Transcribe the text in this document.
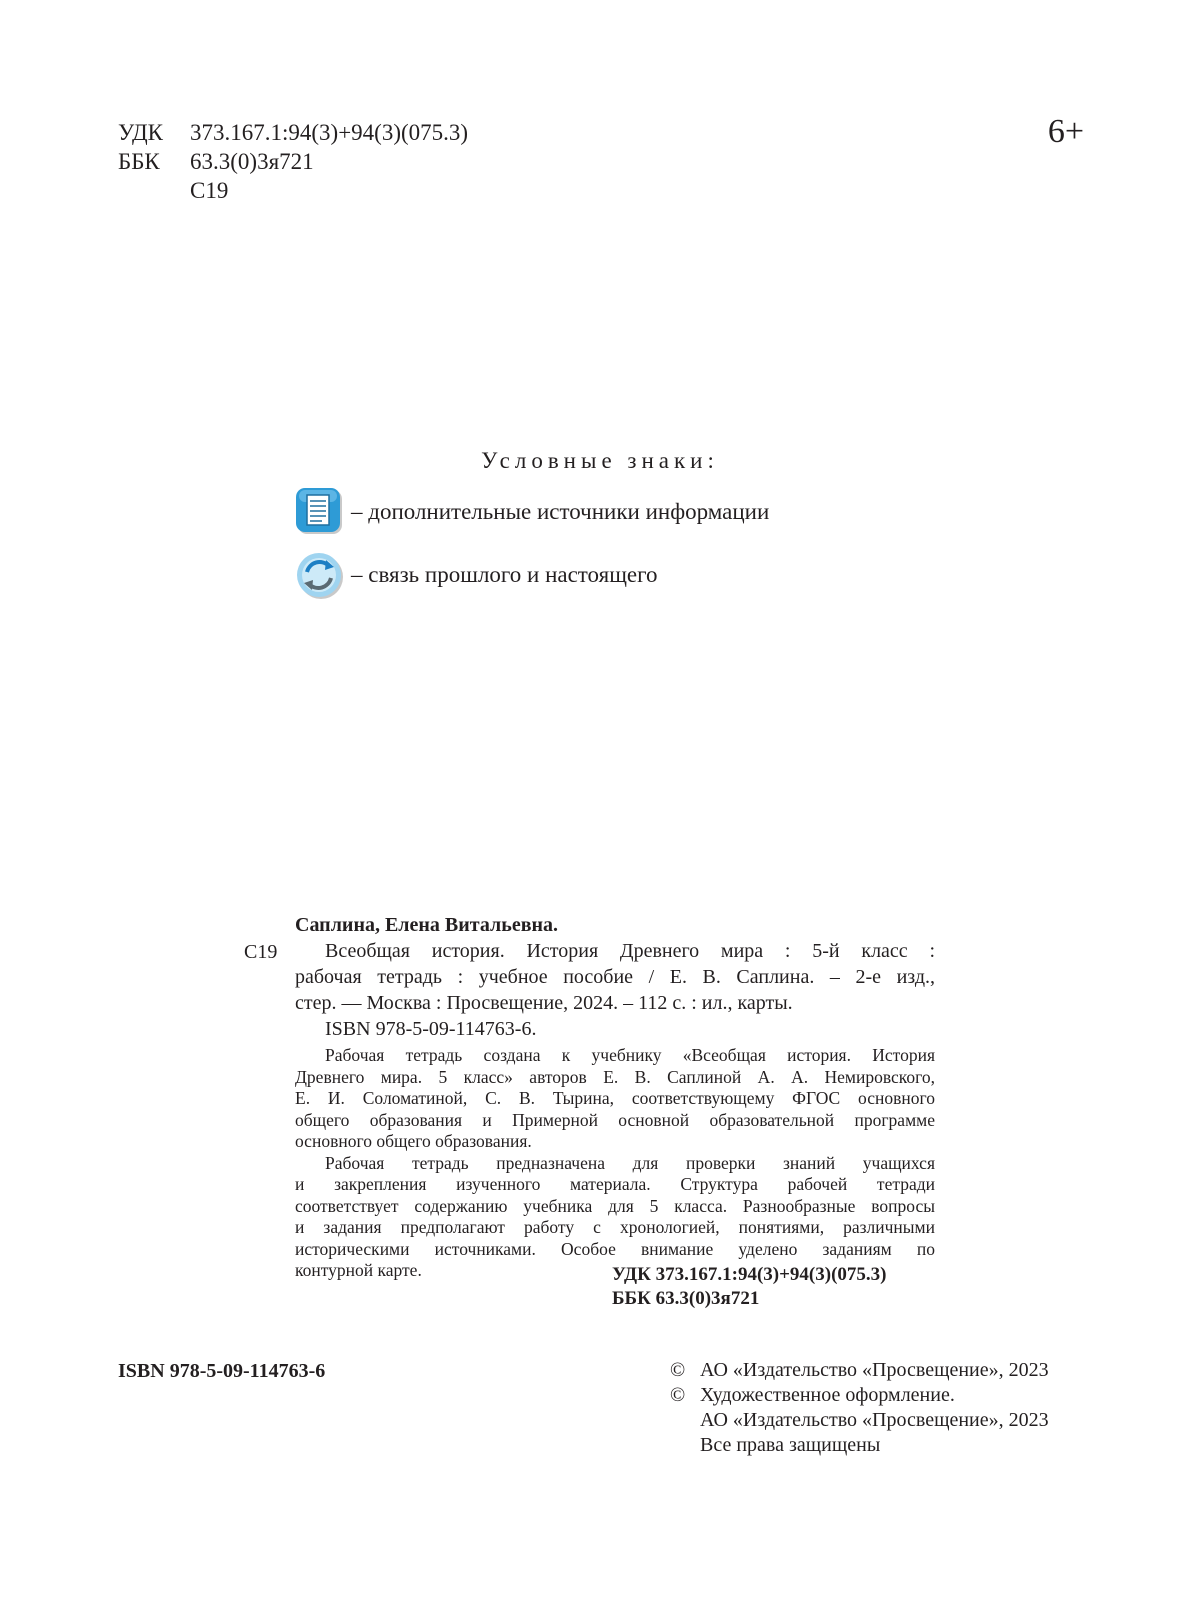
УДК	373.167.1:94(3)+94(3)(075.3)
ББК	63.3(0)3я721
С19
6+
Условные знаки:
– дополнительные источники информации
– связь прошлого и настоящего
С19
Саплина, Елена Витальевна.
Всеобщая история. История Древнего мира : 5-й класс :
рабочая тетрадь : учебное пособие / Е. В. Саплина. – 2-е изд.,
стер. — Москва : Просвещение, 2024. – 112 с. : ил., карты.
ISBN 978-5-09-114763-6.
Рабочая тетрадь создана к учебнику «Всеобщая история. История
Древнего мира. 5 класс» авторов Е. В. Саплиной А. А. Немировского,
Е. И. Соломатиной, С. В. Тырина, соответствующему ФГОС основного
общего образования и Примерной основной образовательной программе
основного общего образования.
Рабочая тетрадь предназначена для проверки знаний учащихся
и закрепления изученного материала. Структура рабочей тетради
соответствует содержанию учебника для 5 класса. Разнообразные вопросы
и задания предполагают работу с хронологией, понятиями, различными
историческими источниками. Особое внимание уделено заданиям по
контурной карте.	УДК 373.167.1:94(3)+94(3)(075.3)
ББК 63.3(0)3я721
ISBN 978-5-09-114763-6	© АО «Издательство «Просвещение», 2023
© Художественное оформление.
АО «Издательство «Просвещение», 2023
Все права защищены
